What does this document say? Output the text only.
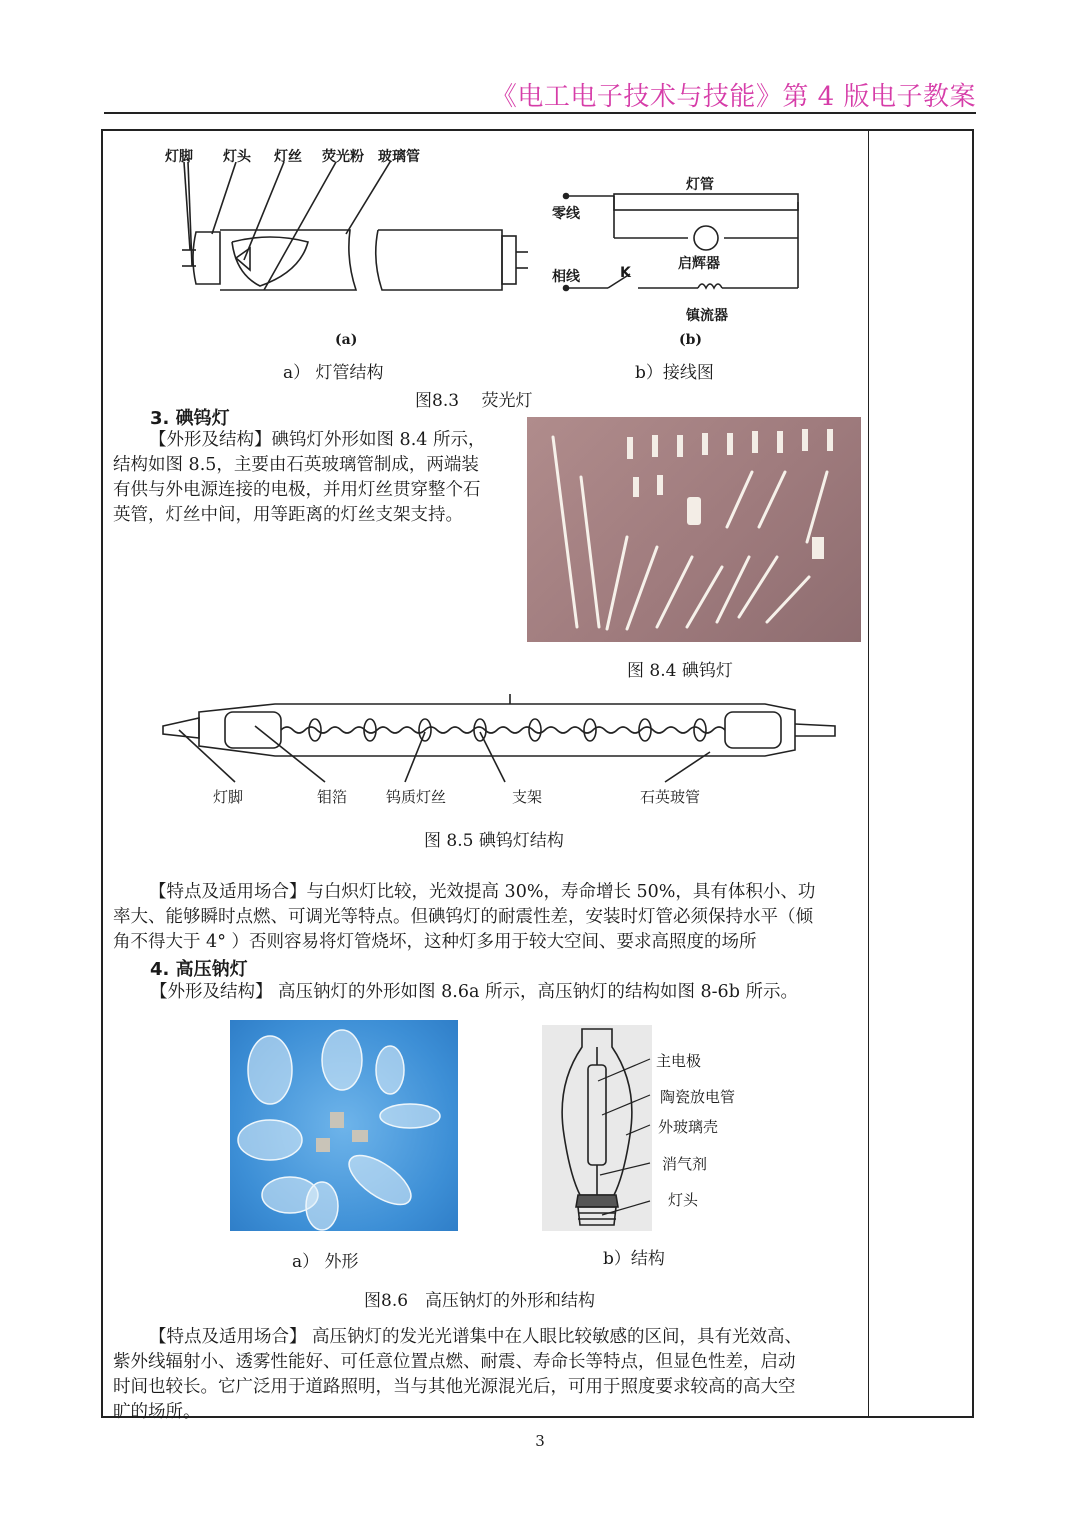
《电工电子技术与技能》第 4 版电子教案
灯脚 灯头 灯丝 荧光粉 玻璃管
(a)
灯管
零线
启辉器
相线	K
镇流器
(b)
a） 灯管结构	b）接线图
图8.3　 荧光灯
3. 碘钨灯
【外形及结构】碘钨灯外形如图 8.4 所示，
结构如图 8.5，主要由石英玻璃管制成，两端装
有供与外电源连接的电极，并用灯丝贯穿整个石
英管，灯丝中间，用等距离的灯丝支架支持。
图 8.4 碘钨灯
灯脚	钼箔	钨质灯丝	支架	石英玻管
图 8.5 碘钨灯结构
【特点及适用场合】与白炽灯比较，光效提高 30%，寿命增长 50%，具有体积小、功
率大、能够瞬时点燃、可调光等特点。但碘钨灯的耐震性差，安装时灯管必须保持水平（倾
角不得大于 4° ）否则容易将灯管烧坏，这种灯多用于较大空间、要求高照度的场所
4. 高压钠灯
【外形及结构】 高压钠灯的外形如图 8.6a 所示，高压钠灯的结构如图 8-6b 所示。
主电极
陶瓷放电管
外玻璃壳
消气剂
灯头
a） 外形	b）结构
图8.6　高压钠灯的外形和结构
【特点及适用场合】 高压钠灯的发光光谱集中在人眼比较敏感的区间，具有光效高、
紫外线辐射小、透雾性能好、可任意位置点燃、耐震、寿命长等特点，但显色性差，启动
时间也较长。它广泛用于道路照明，当与其他光源混光后，可用于照度要求较高的高大空
旷的场所。
3
